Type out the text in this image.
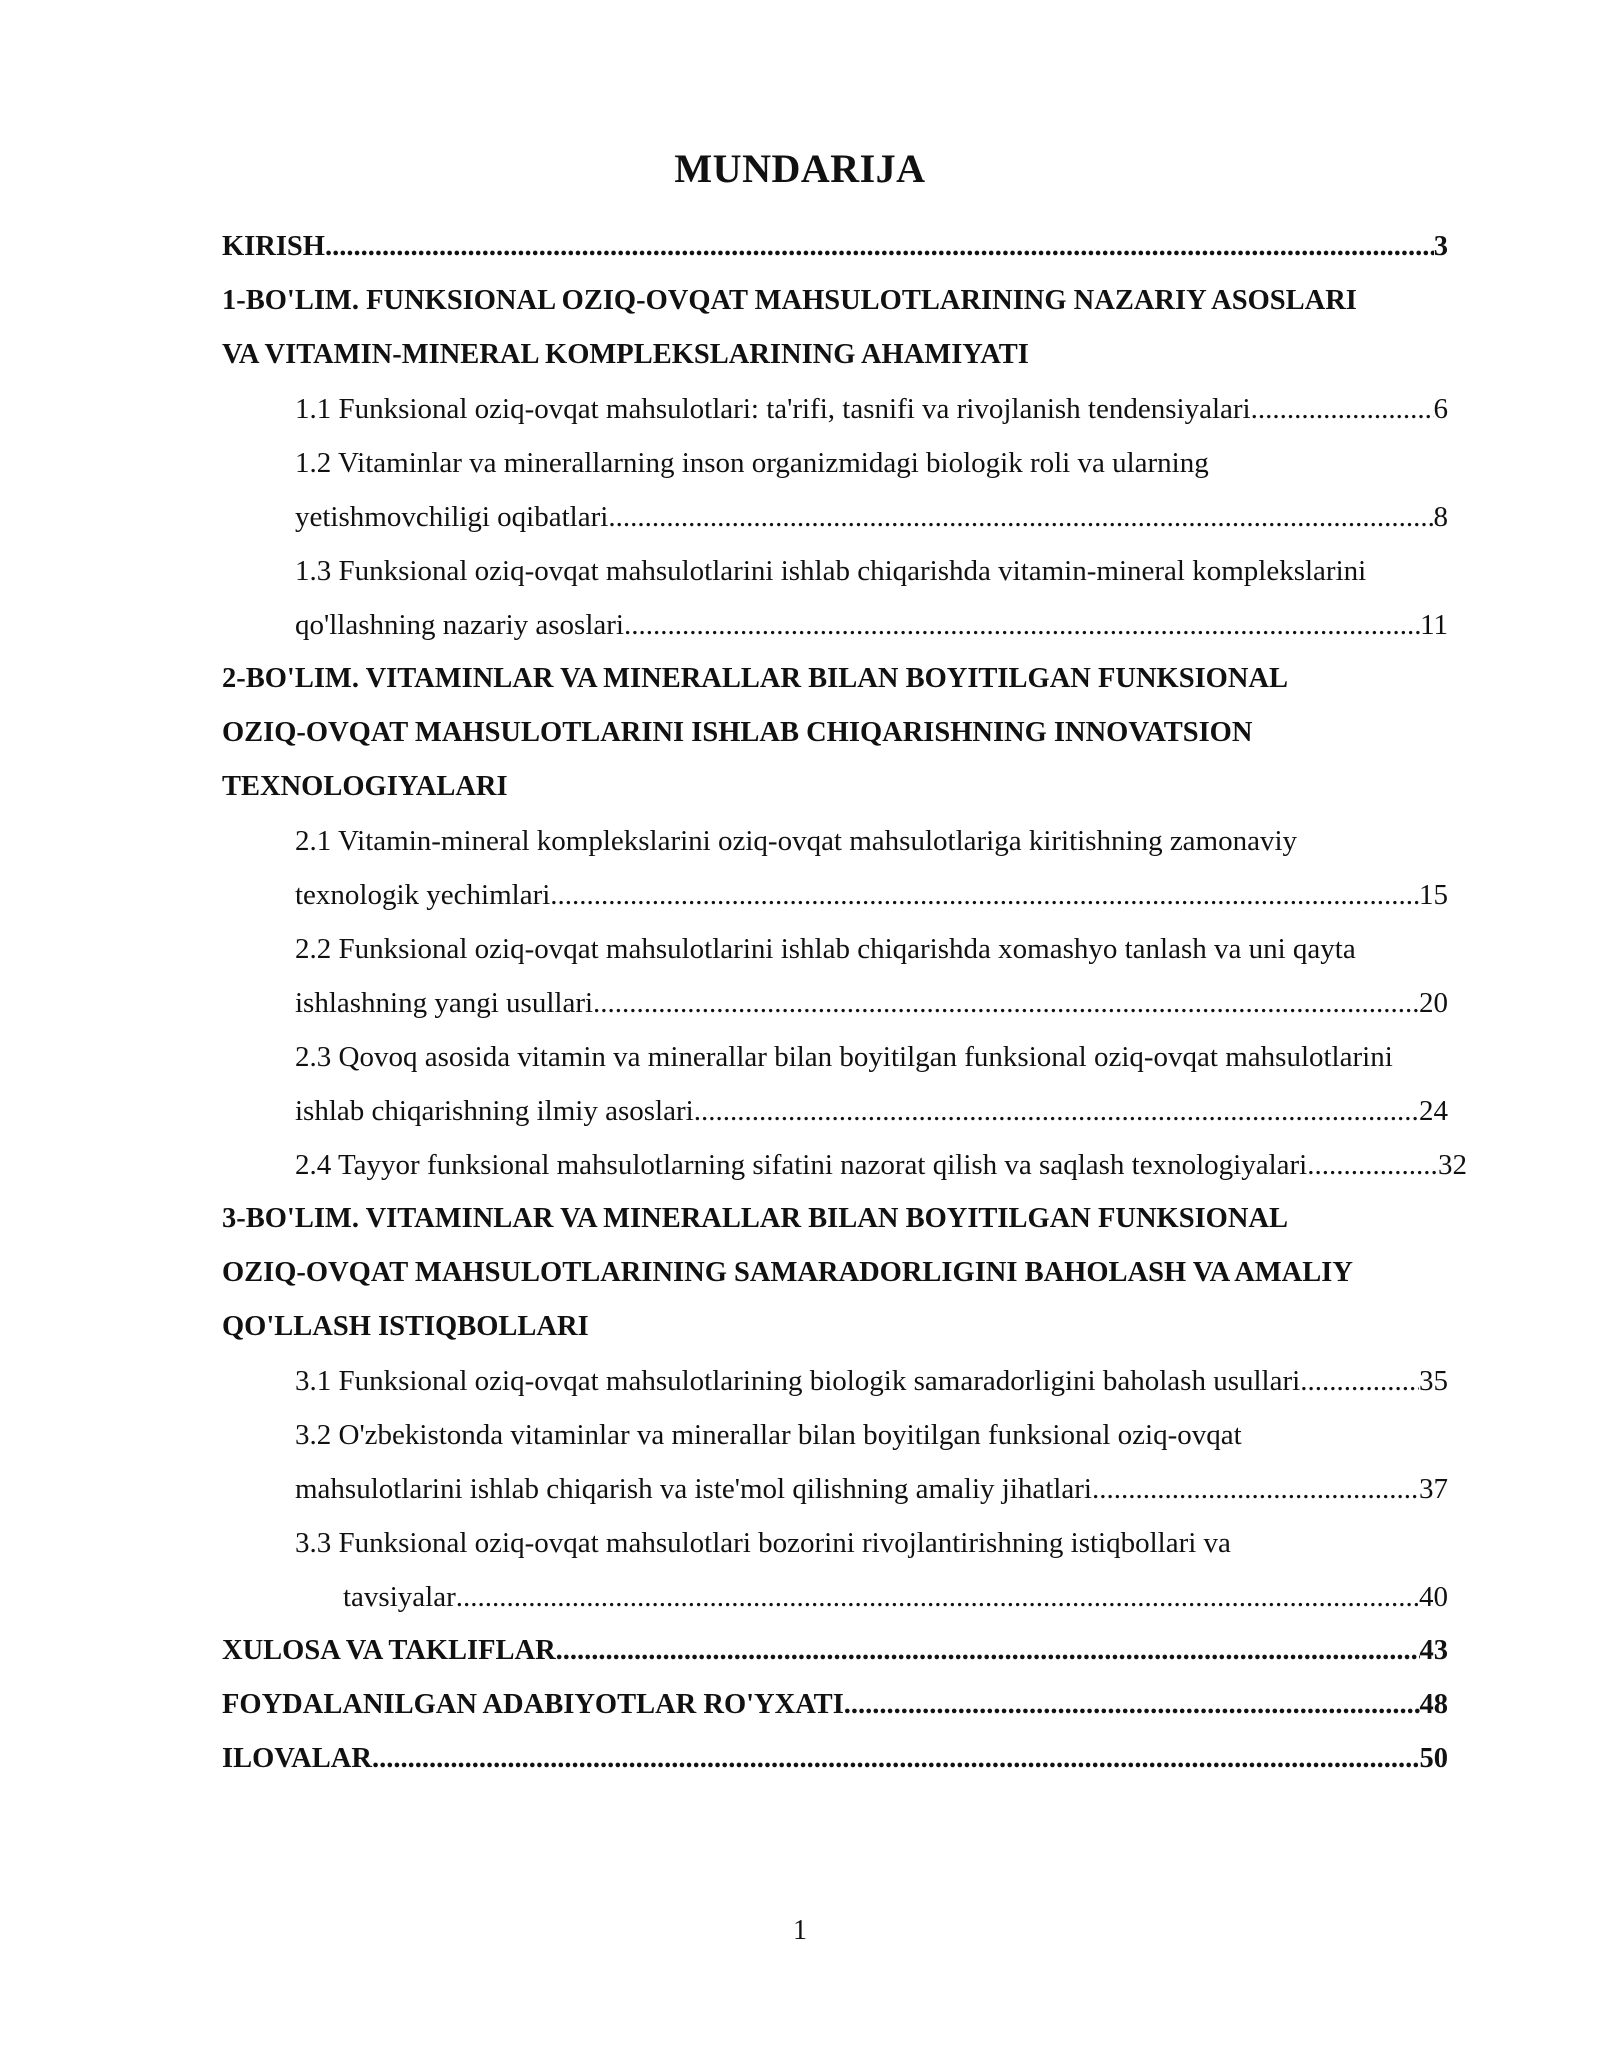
MUNDARIJA
KIRISH .....	3
1-BO'LIM. FUNKSIONAL OZIQ-OVQAT MAHSULOTLARINING NAZARIY ASOSLARI
VA VITAMIN-MINERAL KOMPLEKSLARINING AHAMIYATI
1.1 Funksional oziq-ovqat mahsulotlari: ta'rifi, tasnifi va rivojlanish tendensiyalari .....	6
1.2 Vitaminlar va minerallarning inson organizmidagi biologik roli va ularning
yetishmovchiligi oqibatlari .....	8
1.3 Funksional oziq-ovqat mahsulotlarini ishlab chiqarishda vitamin-mineral komplekslarini
qo'llashning nazariy asoslari .....	11
2-BO'LIM. VITAMINLAR VA MINERALLAR BILAN BOYITILGAN FUNKSIONAL
OZIQ-OVQAT MAHSULOTLARINI ISHLAB CHIQARISHNING INNOVATSION
TEXNOLOGIYALARI
2.1 Vitamin-mineral komplekslarini oziq-ovqat mahsulotlariga kiritishning zamonaviy
texnologik yechimlari .....	15
2.2 Funksional oziq-ovqat mahsulotlarini ishlab chiqarishda xomashyo tanlash va uni qayta
ishlashning yangi usullari .....	20
2.3 Qovoq asosida vitamin va minerallar bilan boyitilgan funksional oziq-ovqat mahsulotlarini
ishlab chiqarishning ilmiy asoslari .....	24
2.4 Tayyor funksional mahsulotlarning sifatini nazorat qilish va saqlash texnologiyalari .....	32
3-BO'LIM. VITAMINLAR VA MINERALLAR BILAN BOYITILGAN FUNKSIONAL
OZIQ-OVQAT MAHSULOTLARINING SAMARADORLIGINI BAHOLASH VA AMALIY
QO'LLASH ISTIQBOLLARI
3.1 Funksional oziq-ovqat mahsulotlarining biologik samaradorligini baholash usullari .....	35
3.2 O'zbekistonda vitaminlar va minerallar bilan boyitilgan funksional oziq-ovqat
mahsulotlarini ishlab chiqarish va iste'mol qilishning amaliy jihatlari .....	37
3.3 Funksional oziq-ovqat mahsulotlari bozorini rivojlantirishning istiqbollari va
tavsiyalar .....	40
XULOSA VA TAKLIFLAR .....	43
FOYDALANILGAN ADABIYOTLAR RO'YXATI .....	48
ILOVALAR .....	50
1
